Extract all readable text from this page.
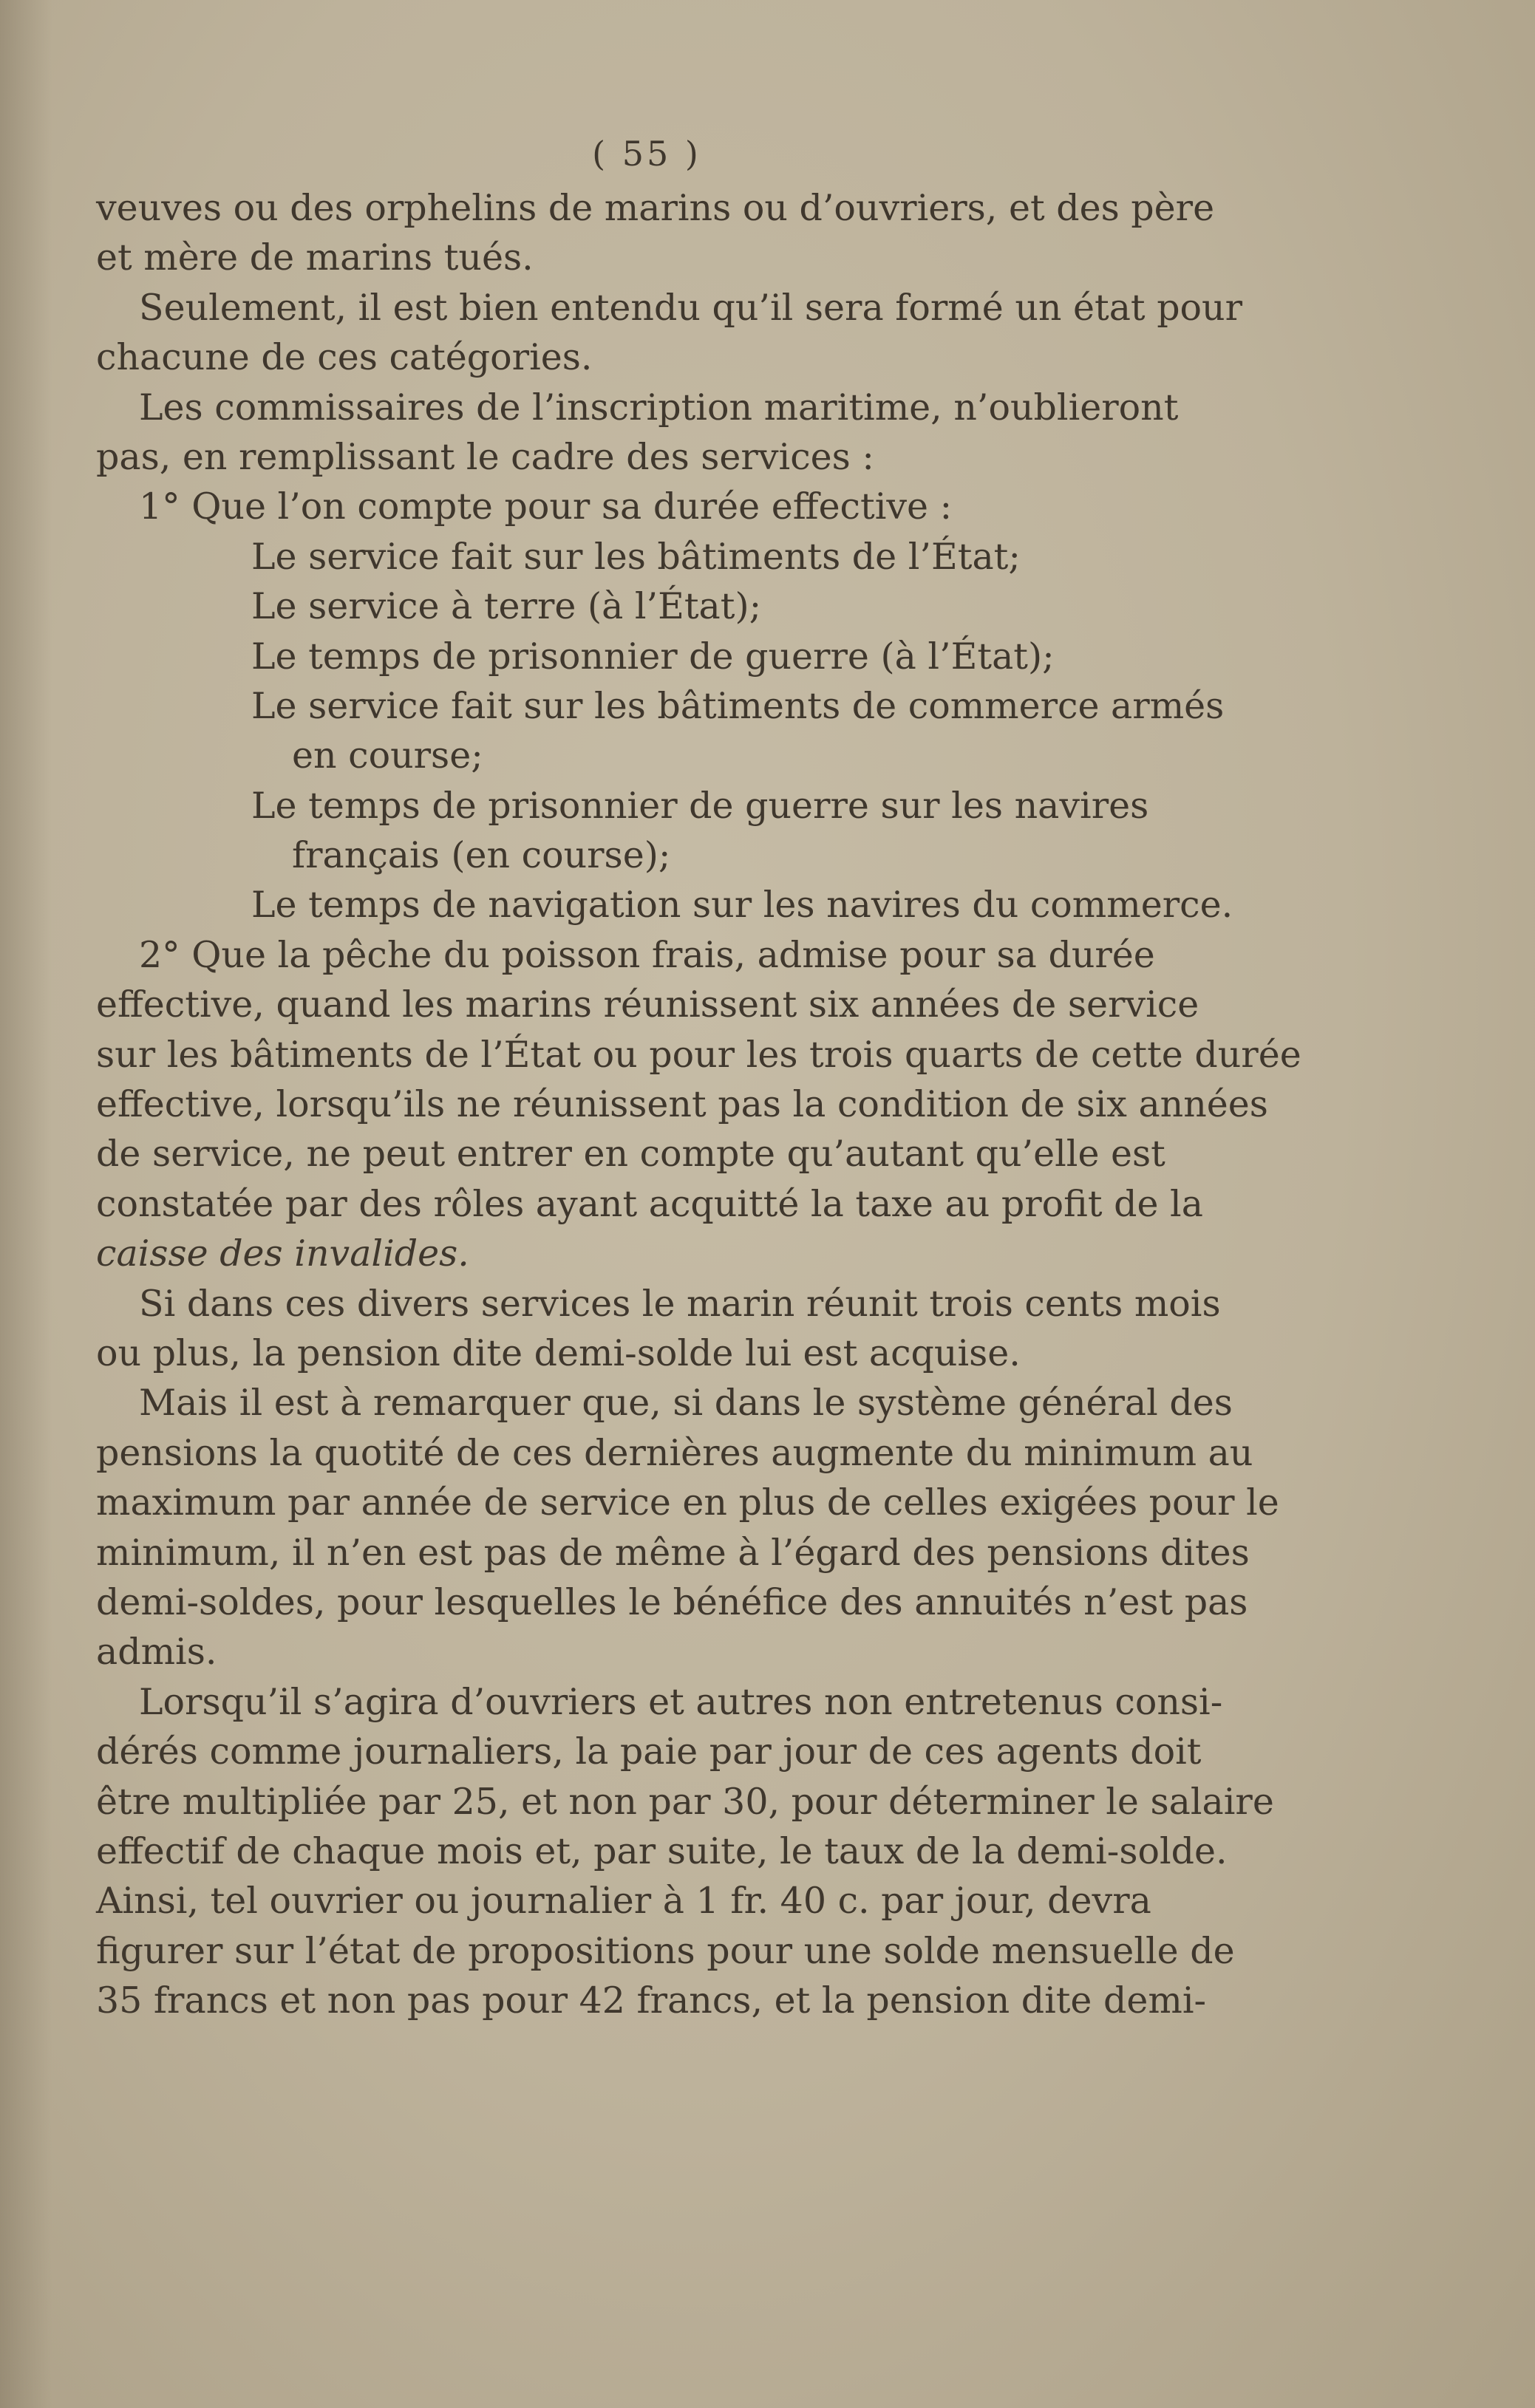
( 55 )
veuves ou des orphelins de marins ou d’ouvriers, et des père
et mère de marins tués.
Seulement, il est bien entendu qu’il sera formé un état pour
chacune de ces catégories.
Les commissaires de l’inscription maritime, n’oublieront
pas, en remplissant le cadre des services :
1° Que l’on compte pour sa durée effective :
Le service fait sur les bâtiments de l’État;
Le service à terre (à l’État);
Le temps de prisonnier de guerre (à l’État);
Le service fait sur les bâtiments de commerce armés
en course;
Le temps de prisonnier de guerre sur les navires
français (en course);
Le temps de navigation sur les navires du commerce.
2° Que la pêche du poisson frais, admise pour sa durée
effective, quand les marins réunissent six années de service
sur les bâtiments de l’État ou pour les trois quarts de cette durée
effective, lorsqu’ils ne réunissent pas la condition de six années
de service, ne peut entrer en compte qu’autant qu’elle est
constatée par des rôles ayant acquitté la taxe au profit de la
caisse des invalides.
Si dans ces divers services le marin réunit trois cents mois
ou plus, la pension dite demi-solde lui est acquise.
Mais il est à remarquer que, si dans le système général des
pensions la quotité de ces dernières augmente du minimum au
maximum par année de service en plus de celles exigées pour le
minimum, il n’en est pas de même à l’égard des pensions dites
demi-soldes, pour lesquelles le bénéfice des annuités n’est pas
admis.
Lorsqu’il s’agira d’ouvriers et autres non entretenus consi-
dérés comme journaliers, la paie par jour de ces agents doit
être multipliée par 25, et non par 30, pour déterminer le salaire
effectif de chaque mois et, par suite, le taux de la demi-solde.
Ainsi, tel ouvrier ou journalier à 1 fr. 40 c. par jour, devra
figurer sur l’état de propositions pour une solde mensuelle de
35 francs et non pas pour 42 francs, et la pension dite demi-
